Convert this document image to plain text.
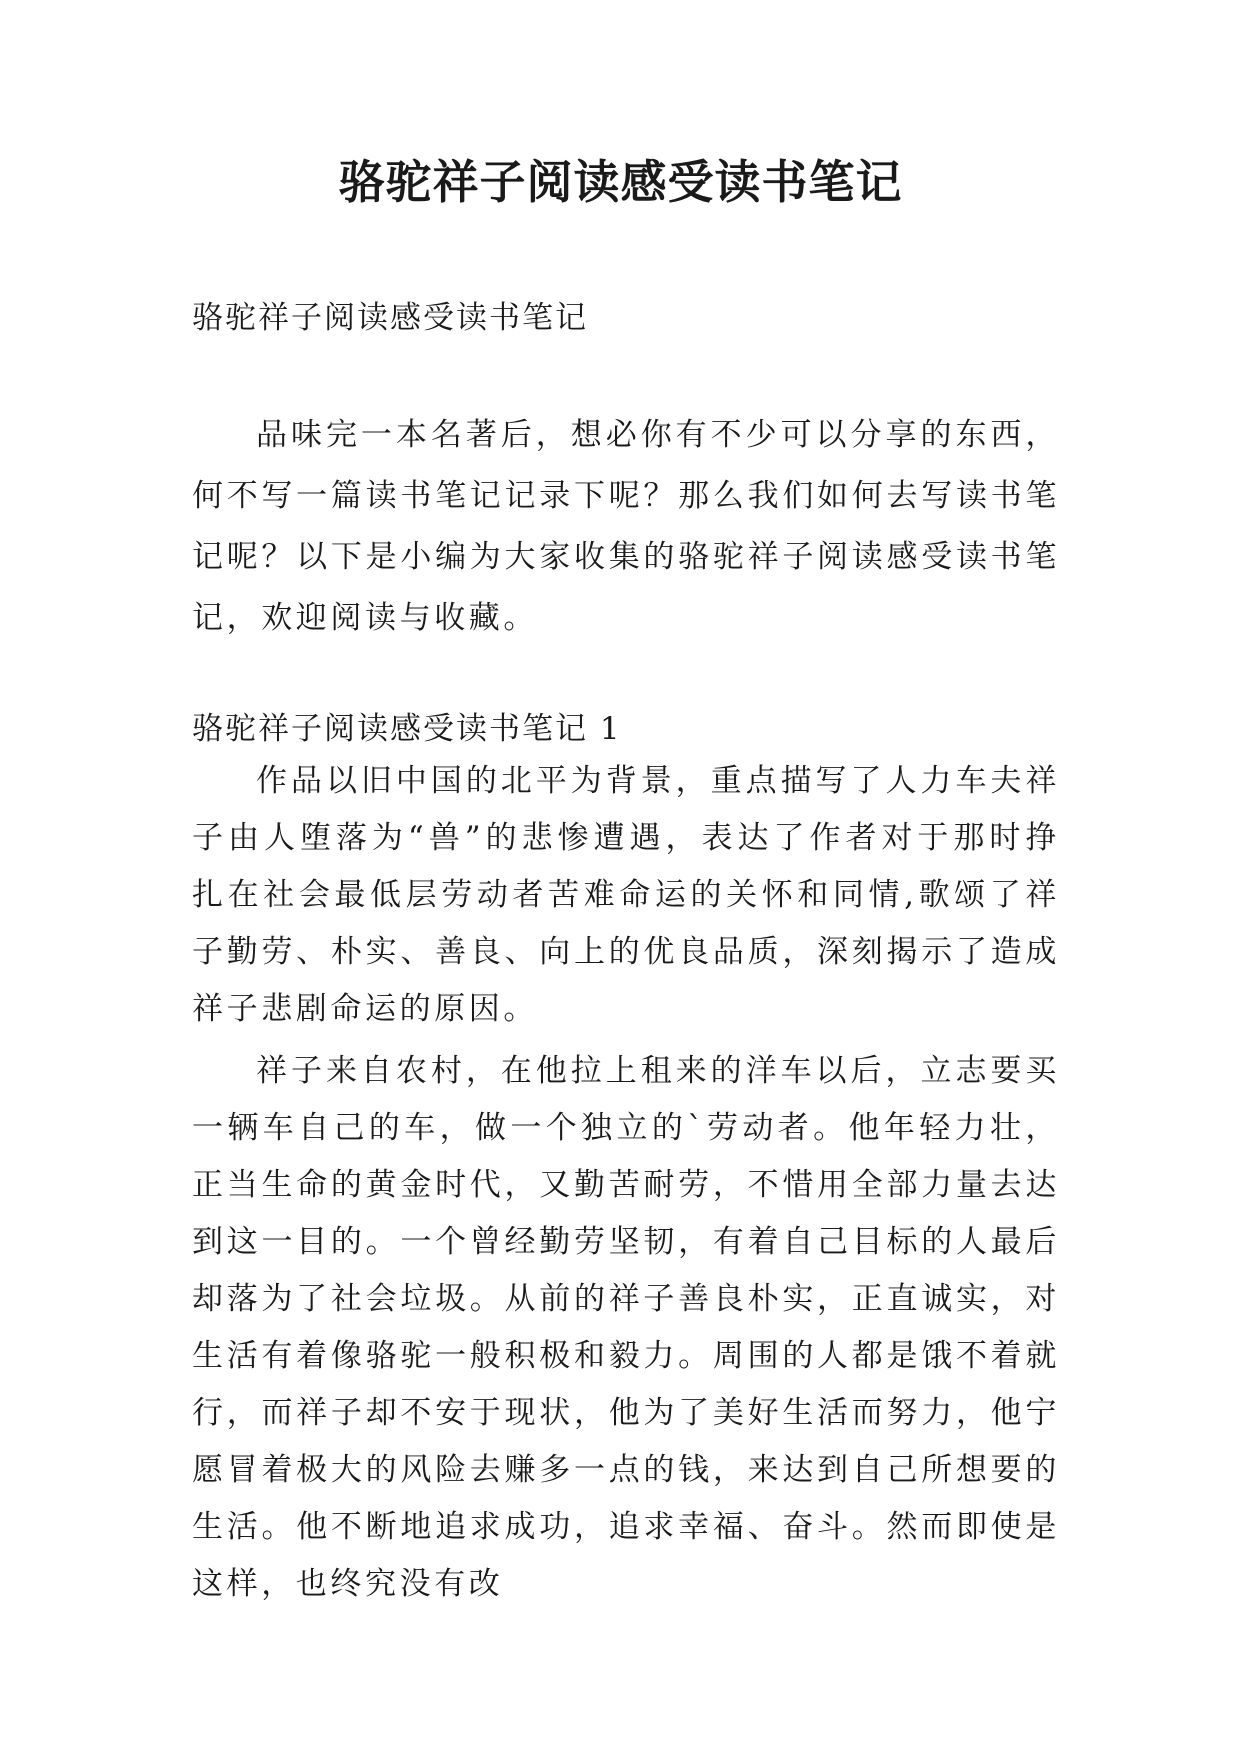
骆驼祥子阅读感受读书笔记

骆驼祥子阅读感受读书笔记

品味完一本名著后，想必你有不少可以分享的东西，何不写一篇读书笔记记录下呢？那么我们如何去写读书笔记呢？以下是小编为大家收集的骆驼祥子阅读感受读书笔记，欢迎阅读与收藏。

骆驼祥子阅读感受读书笔记 1

作品以旧中国的北平为背景，重点描写了人力车夫祥子由人堕落为“兽”的悲惨遭遇，表达了作者对于那时挣扎在社会最低层劳动者苦难命运的关怀和同情,歌颂了祥子勤劳、朴实、善良、向上的优良品质，深刻揭示了造成祥子悲剧命运的原因。

祥子来自农村，在他拉上租来的洋车以后，立志要买一辆车自己的车，做一个独立的`劳动者。他年轻力壮，正当生命的黄金时代，又勤苦耐劳，不惜用全部力量去达到这一目的。一个曾经勤劳坚韧，有着自己目标的人最后却落为了社会垃圾。从前的祥子善良朴实，正直诚实，对生活有着像骆驼一般积极和毅力。周围的人都是饿不着就行，而祥子却不安于现状，他为了美好生活而努力，他宁愿冒着极大的风险去赚多一点的钱，来达到自己所想要的生活。他不断地追求成功，追求幸福、奋斗。然而即使是这样，也终究没有改
